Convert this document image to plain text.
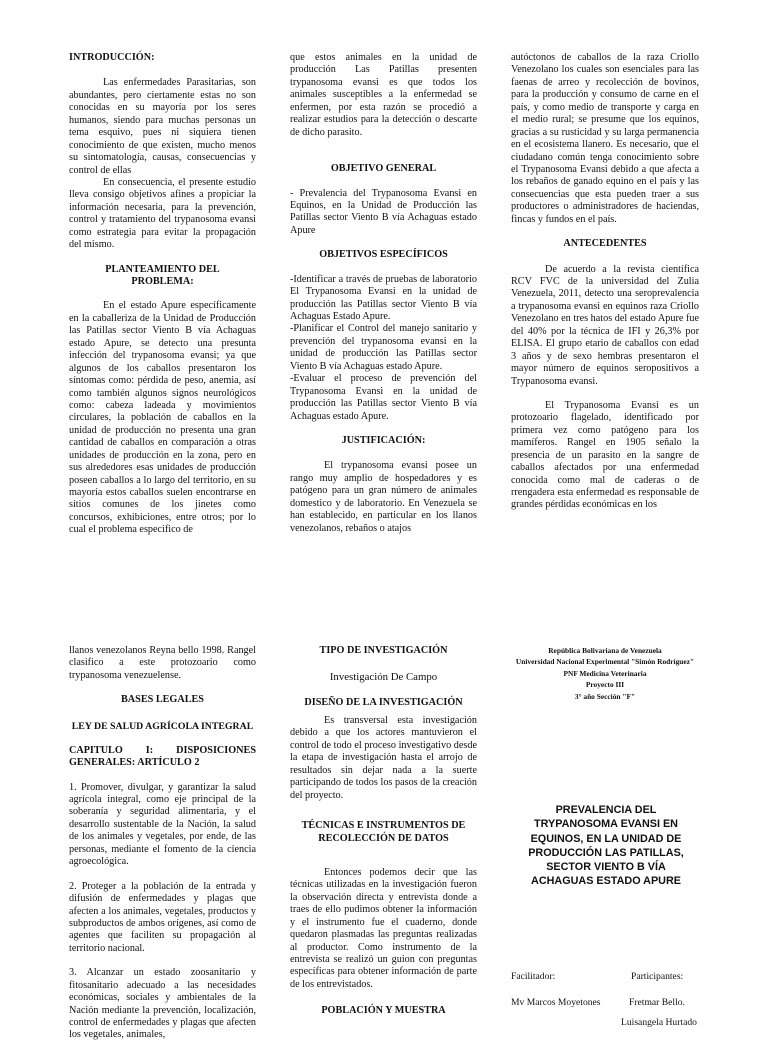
INTRODUCCIÓN:

Las enfermedades Parasitarias, son abundantes, pero ciertamente estas no son conocidas en su mayoría por los seres humanos, siendo para muchas personas un tema esquivo, pues ni siquiera tienen conocimiento de que existen, mucho menos su sintomatología, causas, consecuencias y control de ellas

En consecuencia, el presente estudio lleva consigo objetivos afines a propiciar la información necesaria, para la prevención, control y tratamiento del trypanosoma evansi como estrategia para evitar la propagación del mismo.

PLANTEAMIENTO DEL PROBLEMA:

En el estado Apure específicamente en la caballeriza de la Unidad de Producción las Patillas sector Viento B vía Achaguas estado Apure, se detecto una presunta infección del trypanosoma evansi; ya que algunos de los caballos presentaron los síntomas como: pérdida de peso, anemia, así como también algunos signos neurológicos como: cabeza ladeada y movimientos circulares, la población de caballos en la unidad de producción no presenta una gran cantidad de caballos en comparación a otras unidades de producción en la zona, pero en sus alrededores esas unidades de producción poseen caballos a lo largo del territorio, en su mayoría estos caballos suelen encontrarse en sitios comunes de los jinetes como concursos, exhibiciones, entre otros; por lo cual el problema especifico de

que estos animales en la unidad de producción Las Patillas presenten trypanosoma evansi es que todos los animales susceptibles a la enfermedad se enfermen, por esta razón se procedió a realizar estudios para la detección o descarte de dicho parasito.

OBJETIVO GENERAL

- Prevalencia del Trypanosoma Evansi en Equinos, en la Unidad de Producción las Patillas sector Viento B vía Achaguas estado Apure

OBJETIVOS ESPECÍFICOS

-Identificar a través de pruebas de laboratorio El Trypanosoma Evansi en la unidad de producción las Patillas sector Viento B vía Achaguas Estado Apure.

-Planificar el Control del manejo sanitario y prevención del trypanosoma evansi en la unidad de producción las Patillas sector Viento B vía Achaguas estado Apure.

-Evaluar el proceso de prevención del Trypanosoma Evansi en la unidad de producción las Patillas sector Viento B vía Achaguas estado Apure.

JUSTIFICACIÓN:

El trypanosoma evansi posee un rango muy amplio de hospedadores y es patógeno para un gran número de animales domestico y de laboratorio. En Venezuela se han establecido, en particular en los llanos venezolanos, rebaños o atajos

autóctonos de caballos de la raza Criollo Venezolano los cuales son esenciales para las faenas de arreo y recolección de bovinos, para la producción y consumo de carne en el país, y como medio de transporte y carga en el medio rural; se presume que los equinos, gracias a su rusticidad y su larga permanencia en el ecosistema llanero. Es necesario, que el ciudadano común tenga conocimiento sobre el Trypanosoma Evansi debido a que afecta a los rebaños de ganado equino en el país y las consecuencias que esta pueden traer a sus productores o administradores de haciendas, fincas y fundos en el país.

ANTECEDENTES

De acuerdo a la revista científica RCV FVC de la universidad del Zulia Venezuela, 2011, detecto una seroprevalencia a trypanosoma evansi en equinos raza Criollo Venezolano en tres hatos del estado Apure fue del 40% por la técnica de IFI y 26,3% por ELISA. El grupo etario de caballos con edad 3 años y de sexo hembras presentaron el mayor número de equinos seropositivos a Trypanosoma evansi.

El Trypanosoma Evansi es un protozoario flagelado, identificado por primera vez como patógeno para los mamíferos. Rangel en 1905 señalo la presencia de un parasito en la sangre de caballos afectados por una enfermedad conocida como mal de caderas o de rrengadera esta enfermedad es responsable de grandes pérdidas económicas en los

llanos venezolanos Reyna bello 1998. Rangel clasifico a este protozoario como trypanosoma venezuelense.

BASES LEGALES

LEY DE SALUD AGRÍCOLA INTEGRAL

CAPITULO I: DISPOSICIONES GENERALES: ARTÍCULO 2

1. Promover, divulgar, y garantizar la salud agrícola integral, como eje principal de la soberanía y seguridad alimentaria, y el desarrollo sustentable de la Nación, la salud de los animales y vegetales, por ende, de las personas, mediante el fomento de la ciencia agroecológica.

2. Proteger a la población de la entrada y difusión de enfermedades y plagas que afecten a los animales, vegetales, productos y subproductos de ambos orígenes, así como de agentes que faciliten su propagación al territorio nacional.

3. Alcanzar un estado zoosanitario y fitosanitario adecuado a las necesidades económicas, sociales y ambientales de la Nación mediante la prevención, localización, control de enfermedades y plagas que afecten los vegetales, animales,

TIPO DE INVESTIGACIÓN

Investigación De Campo

DISEÑO DE LA INVESTIGACIÓN

Es transversal esta investigación debido a que los actores mantuvieron el control de todo el proceso investigativo desde la etapa de investigación hasta el arrojo de resultados sin dejar nada a la suerte participando de todos los pasos de la creación del proyecto.

TÉCNICAS E INSTRUMENTOS DE RECOLECCIÓN DE DATOS

Entonces podemos decir que las técnicas utilizadas en la investigación fueron la observación directa y entrevista donde a traes de ello pudimos obtener la información y el instrumento fue el cuaderno, donde quedaron plasmadas las preguntas realizadas al productor. Como instrumento de la entrevista se realizó un guion con preguntas específicas para obtener información de parte de los entrevistados.

POBLACIÓN Y MUESTRA

República Bolivariana de Venezuela

Universidad Nacional Experimental "Simón Rodríguez"

PNF Medicina Veterinaria

Proyecto III

3° año Sección "F"

PREVALENCIA DEL TRYPANOSOMA EVANSI EN EQUINOS, EN LA UNIDAD DE PRODUCCIÓN LAS PATILLAS, SECTOR VIENTO B VÍA ACHAGUAS ESTADO APURE

Facilitador:	Participantes:

Mv Marcos Moyetones	Fretmar Bello.

Luisangela Hurtado
